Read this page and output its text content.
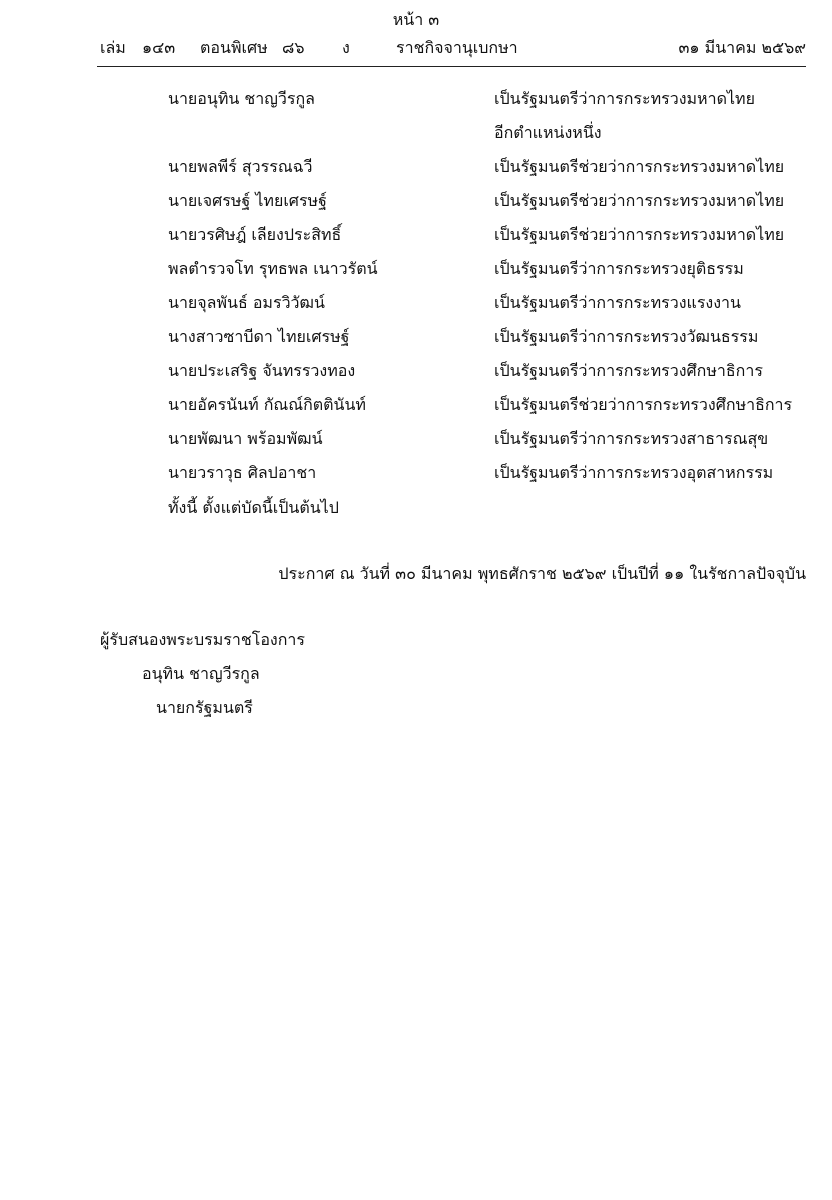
หน้า ๓
เล่ม ๑๔๓ ตอนพิเศษ ๘๖ ง	ราชกิจจานุเบกษา	๓๑ มีนาคม ๒๕๖๙
นายอนุทิน ชาญวีรกูล	เป็นรัฐมนตรีว่าการกระทรวงมหาดไทย
อีกตำแหน่งหนึ่ง
นายพลพีร์ สุวรรณฉวี	เป็นรัฐมนตรีช่วยว่าการกระทรวงมหาดไทย
นายเจศรษฐ์ ไทยเศรษฐ์	เป็นรัฐมนตรีช่วยว่าการกระทรวงมหาดไทย
นายวรศิษฎ์ เลียงประสิทธิ์	เป็นรัฐมนตรีช่วยว่าการกระทรวงมหาดไทย
พลตำรวจโท รุทธพล เนาวรัตน์	เป็นรัฐมนตรีว่าการกระทรวงยุติธรรม
นายจุลพันธ์ อมรวิวัฒน์	เป็นรัฐมนตรีว่าการกระทรวงแรงงาน
นางสาวซาบีดา ไทยเศรษฐ์	เป็นรัฐมนตรีว่าการกระทรวงวัฒนธรรม
นายประเสริฐ จันทรรวงทอง	เป็นรัฐมนตรีว่าการกระทรวงศึกษาธิการ
นายอัครนันท์ กัณณ์กิตตินันท์	เป็นรัฐมนตรีช่วยว่าการกระทรวงศึกษาธิการ
นายพัฒนา พร้อมพัฒน์	เป็นรัฐมนตรีว่าการกระทรวงสาธารณสุข
นายวราวุธ ศิลปอาชา	เป็นรัฐมนตรีว่าการกระทรวงอุตสาหกรรม
ทั้งนี้ ตั้งแต่บัดนี้เป็นต้นไป
ประกาศ ณ วันที่ ๓๐ มีนาคม พุทธศักราช ๒๕๖๙ เป็นปีที่ ๑๑ ในรัชกาลปัจจุบัน
ผู้รับสนองพระบรมราชโองการ
อนุทิน ชาญวีรกูล
นายกรัฐมนตรี
